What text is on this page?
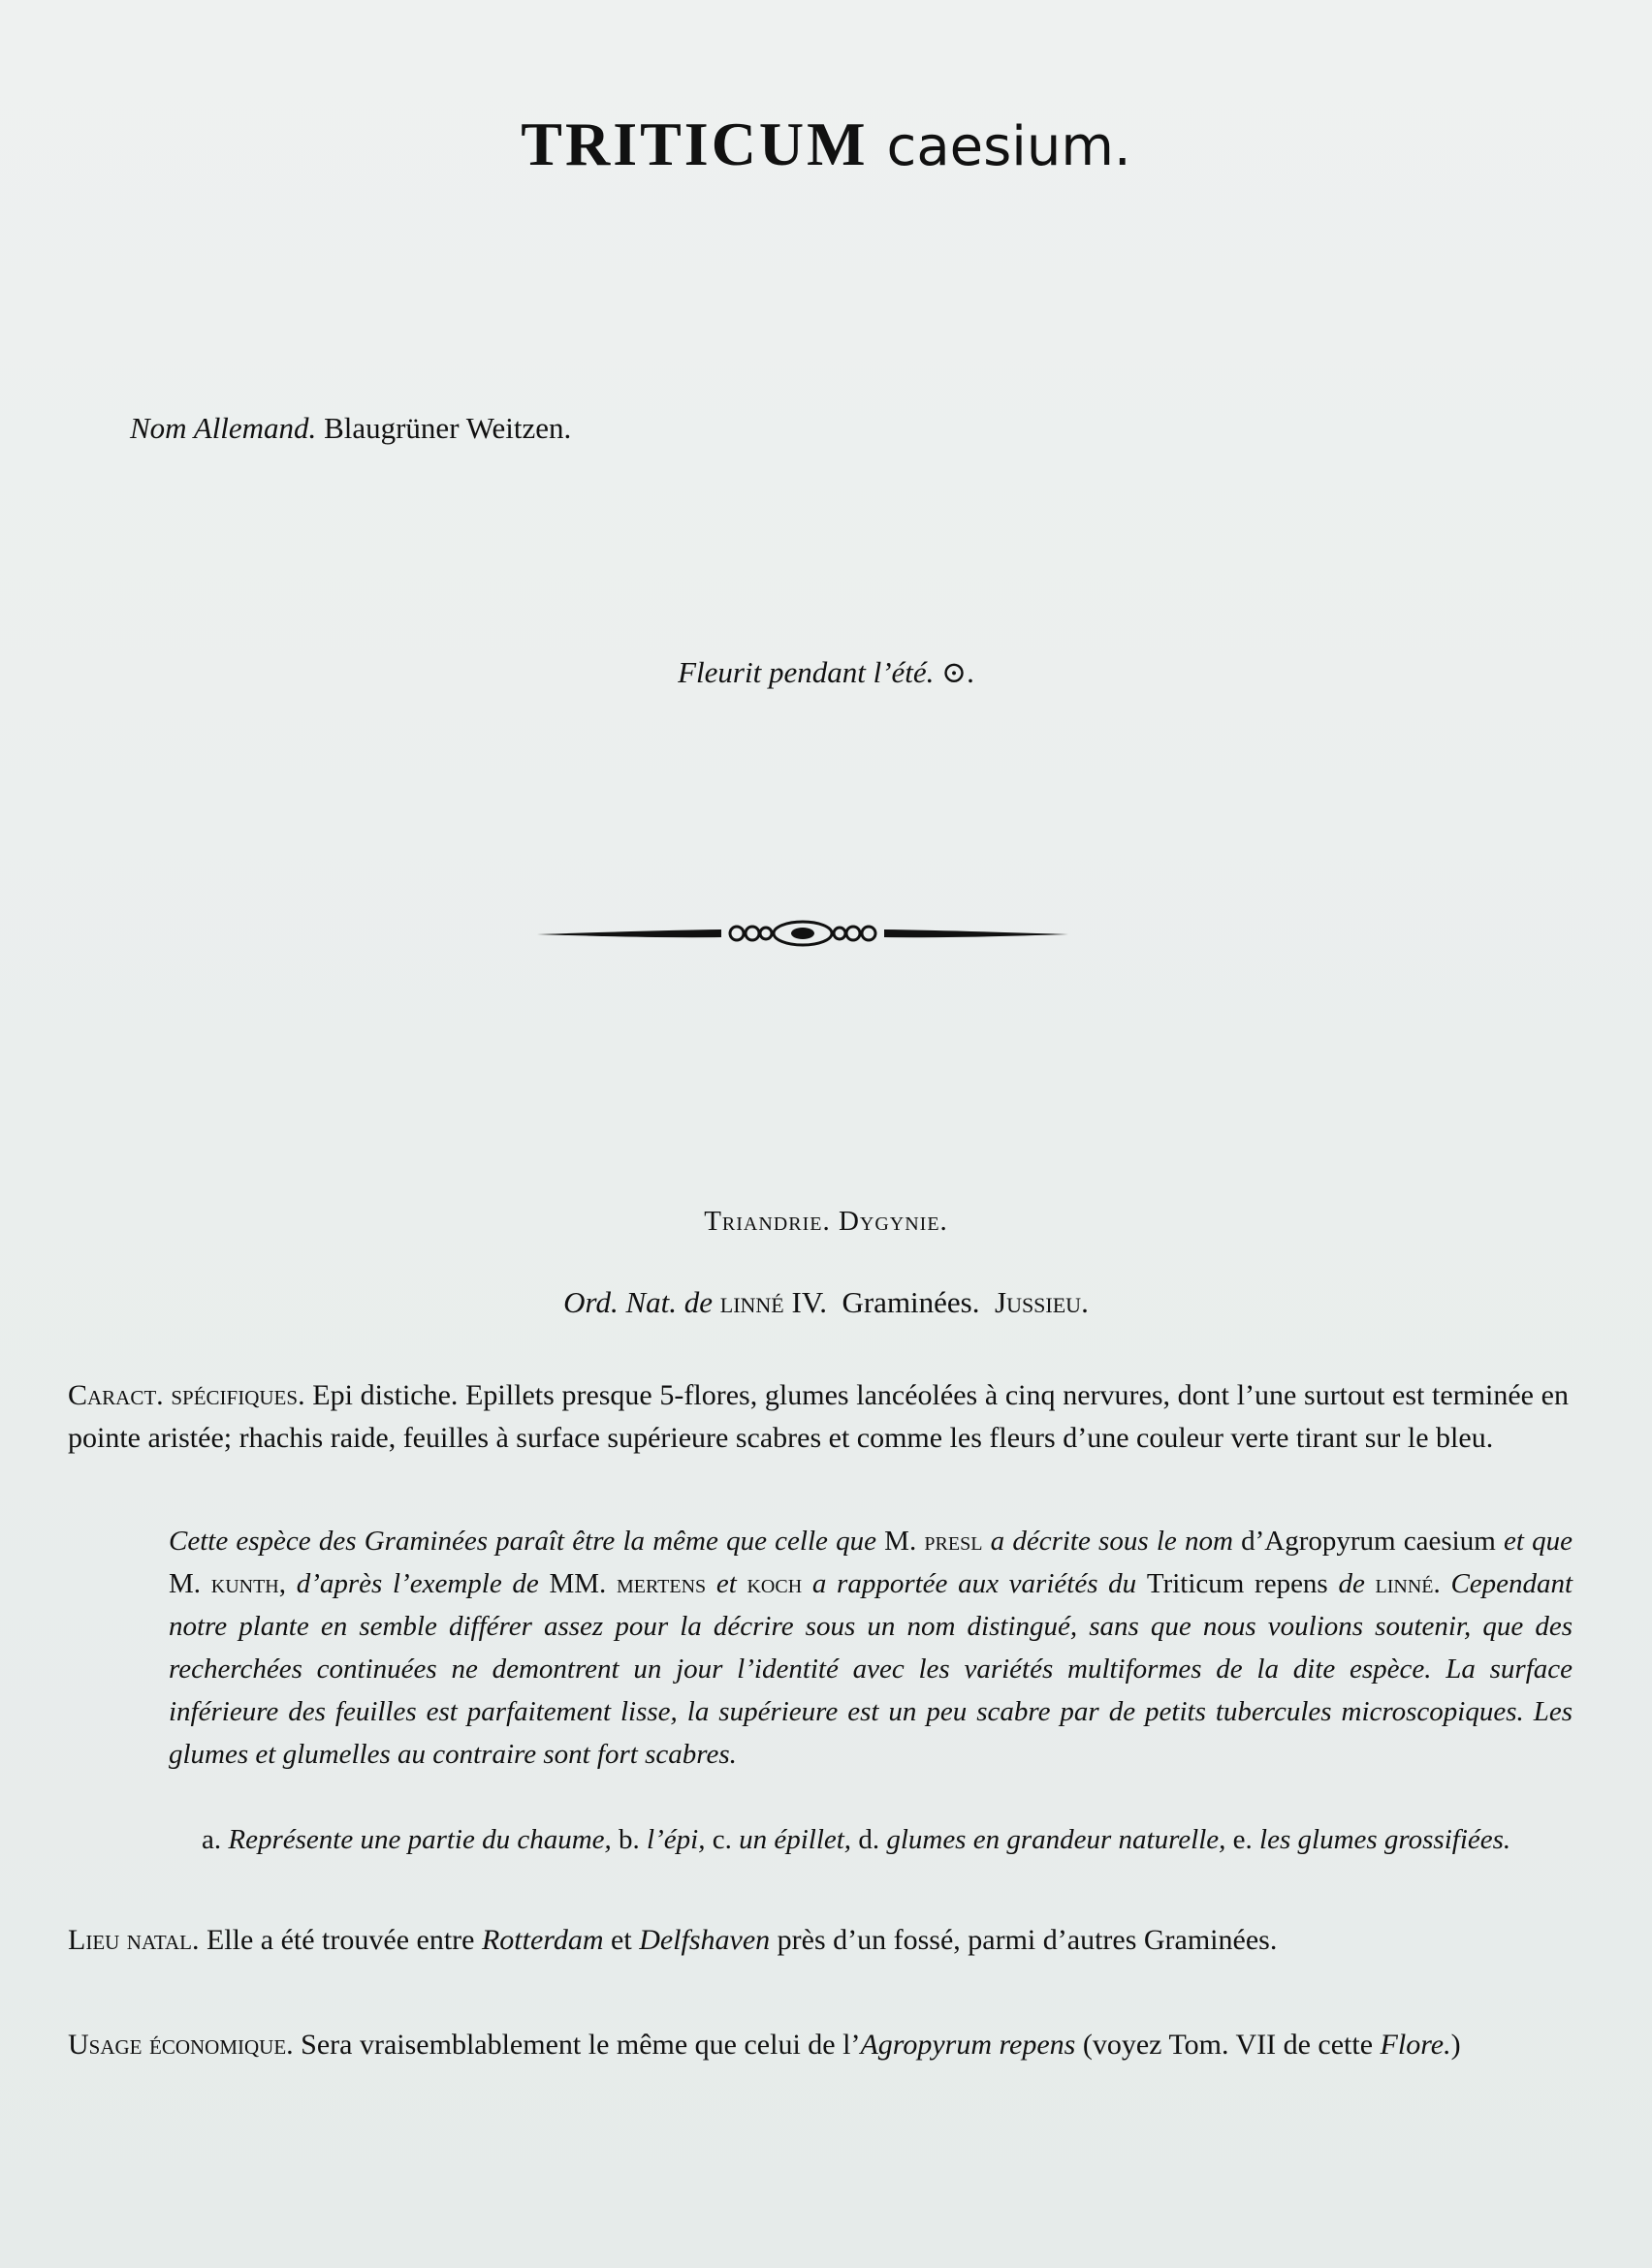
TRITICUM caesium.
Nom Allemand. Blaugrüner Weitzen.
Fleurit pendant l’été. ⊙.
Triandrie. Dygynie.
Ord. Nat. de linné IV. Graminées. Jussieu.
Caract. spécifiques. Epi distiche. Epillets presque 5-flores, glumes lancéolées à cinq nervures, dont l’une surtout est terminée en pointe aristée; rhachis raide, feuilles à surface supérieure scabres et comme les fleurs d’une couleur verte tirant sur le bleu.
Cette espèce des Graminées paraît être la même que celle que M. presl a décrite sous le nom d’Agropyrum caesium et que M. kunth, d’après l’exemple de MM. mertens et koch a rapportée aux variétés du Triticum repens de linné. Cependant notre plante en semble différer assez pour la décrire sous un nom distingué, sans que nous voulions soutenir, que des recherchées continuées ne demontrent un jour l’identité avec les variétés multiformes de la dite espèce. La surface inférieure des feuilles est parfaitement lisse, la supérieure est un peu scabre par de petits tubercules microscopiques. Les glumes et glumelles au contraire sont fort scabres.
a. Représente une partie du chaume, b. l’épi, c. un épillet, d. glumes en grandeur naturelle, e. les glumes grossifiées.
Lieu natal. Elle a été trouvée entre Rotterdam et Delfshaven près d’un fossé, parmi d’autres Graminées.
Usage économique. Sera vraisemblablement le même que celui de l’Agropyrum repens (voyez Tom. VII de cette Flore.)
